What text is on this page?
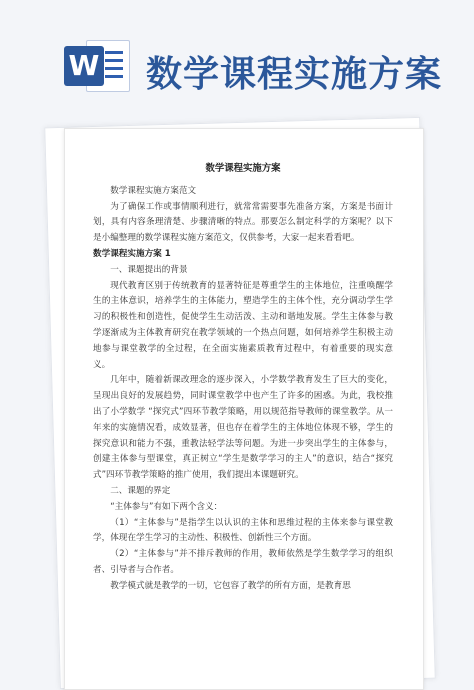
W 数学课程实施方案

数学课程实施方案

数学课程实施方案范文

为了确保工作或事情顺利进行，就常常需要事先准备方案，方案是书面计划，具有内容条理清楚、步骤清晰的特点。那要怎么制定科学的方案呢？以下是小编整理的数学课程实施方案范文，仅供参考，大家一起来看看吧。

数学课程实施方案 1

一、课题提出的背景

现代教育区别于传统教育的显著特征是尊重学生的主体地位，注重唤醒学生的主体意识，培养学生的主体能力，塑造学生的主体个性，充分调动学生学习的积极性和创造性，促使学生生动活泼、主动和谐地发展。学生主体参与教学逐渐成为主体教育研究在教学领域的一个热点问题，如何培养学生积极主动地参与课堂教学的全过程，在全面实施素质教育过程中，有着重要的现实意义。

几年中，随着新课改理念的逐步深入，小学数学教育发生了巨大的变化，呈现出良好的发展趋势，同时课堂教学中也产生了许多的困惑。为此，我校推出了小学数学 “探究式”四环节教学策略，用以规范指导教师的课堂教学。从一年来的实施情况看，成效显著，但也存在着学生的主体地位体现不够，学生的探究意识和能力不强，重教法轻学法等问题。为进一步突出学生的主体参与，创建主体参与型课堂，真正树立“学生是数学学习的主人”的意识，结合“探究式”四环节教学策略的推广使用，我们提出本课题研究。

二、课题的界定

“主体参与”有如下两个含义：

（1）“主体参与”是指学生以认识的主体和思维过程的主体来参与课堂教学，体现在学生学习的主动性、积极性、创新性三个方面。

（2）“主体参与”并不排斥教师的作用，教师依然是学生数学学习的组织者、引导者与合作者。

教学模式就是教学的一切，它包容了教学的所有方面，是教育思
